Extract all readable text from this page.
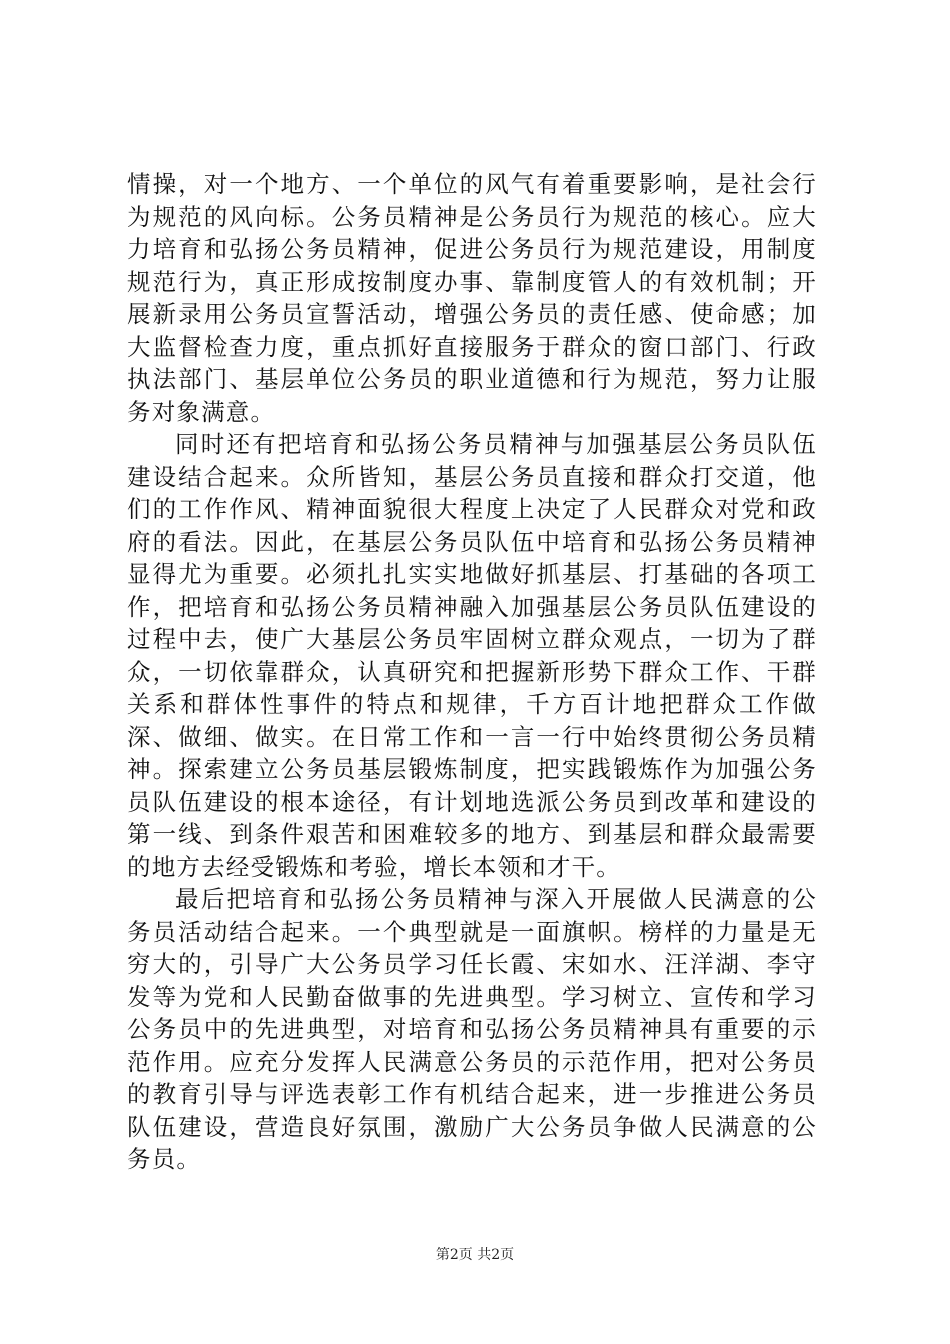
情操，对一个地方、一个单位的风气有着重要影响，是社会行为规范的风向标。公务员精神是公务员行为规范的核心。应大力培育和弘扬公务员精神，促进公务员行为规范建设，用制度规范行为，真正形成按制度办事、靠制度管人的有效机制；开展新录用公务员宣誓活动，增强公务员的责任感、使命感；加大监督检查力度，重点抓好直接服务于群众的窗口部门、行政执法部门、基层单位公务员的职业道德和行为规范，努力让服务对象满意。

同时还有把培育和弘扬公务员精神与加强基层公务员队伍建设结合起来。众所皆知，基层公务员直接和群众打交道，他们的工作作风、精神面貌很大程度上决定了人民群众对党和政府的看法。因此，在基层公务员队伍中培育和弘扬公务员精神显得尤为重要。必须扎扎实实地做好抓基层、打基础的各项工作，把培育和弘扬公务员精神融入加强基层公务员队伍建设的过程中去，使广大基层公务员牢固树立群众观点，一切为了群众，一切依靠群众，认真研究和把握新形势下群众工作、干群关系和群体性事件的特点和规律，千方百计地把群众工作做深、做细、做实。在日常工作和一言一行中始终贯彻公务员精神。探索建立公务员基层锻炼制度，把实践锻炼作为加强公务员队伍建设的根本途径，有计划地选派公务员到改革和建设的第一线、到条件艰苦和困难较多的地方、到基层和群众最需要的地方去经受锻炼和考验，增长本领和才干。

最后把培育和弘扬公务员精神与深入开展做人民满意的公务员活动结合起来。一个典型就是一面旗帜。榜样的力量是无穷大的，引导广大公务员学习任长霞、宋如水、汪洋湖、李守发等为党和人民勤奋做事的先进典型。学习树立、宣传和学习公务员中的先进典型，对培育和弘扬公务员精神具有重要的示范作用。应充分发挥人民满意公务员的示范作用，把对公务员的教育引导与评选表彰工作有机结合起来，进一步推进公务员队伍建设，营造良好氛围，激励广大公务员争做人民满意的公务员。

第2页 共2页
